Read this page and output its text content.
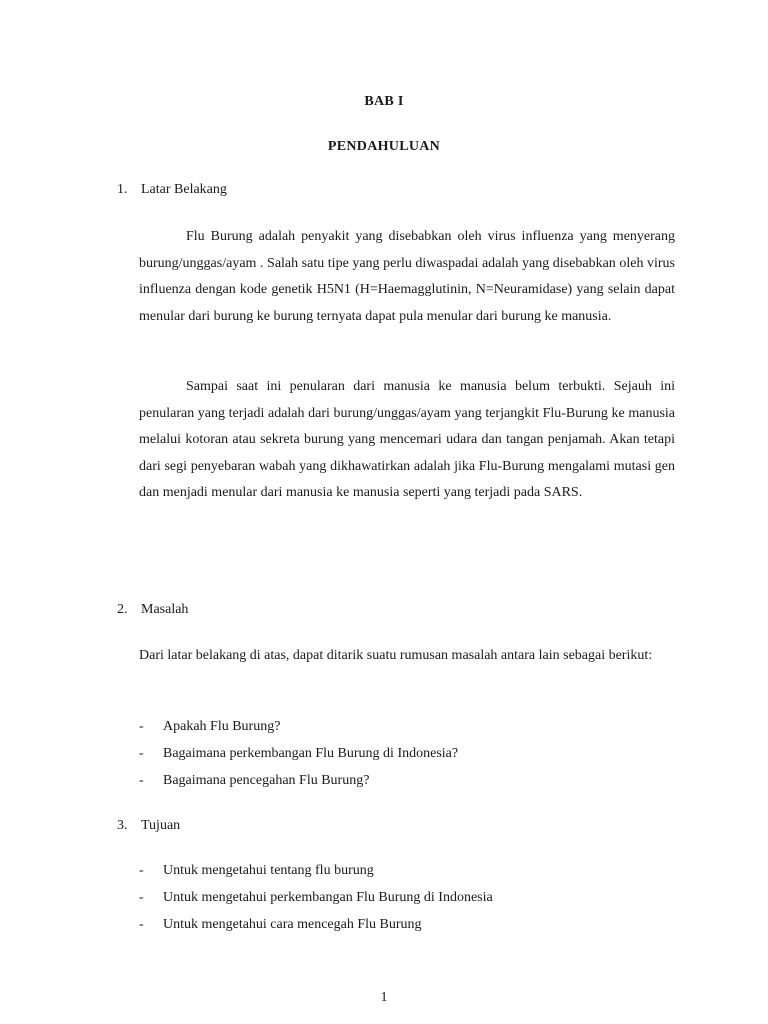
BAB I
PENDAHULUAN
1. Latar Belakang

Flu Burung adalah penyakit yang disebabkan oleh virus influenza yang menyerang burung/unggas/ayam . Salah satu tipe yang perlu diwaspadai adalah yang disebabkan oleh virus influenza dengan kode genetik H5N1 (H=Haemagglutinin, N=Neuramidase) yang selain dapat menular dari burung ke burung ternyata dapat pula menular dari burung ke manusia.

Sampai saat ini penularan dari manusia ke manusia belum terbukti. Sejauh ini penularan yang terjadi adalah dari burung/unggas/ayam yang terjangkit Flu-Burung ke manusia melalui kotoran atau sekreta burung yang mencemari udara dan tangan penjamah. Akan tetapi dari segi penyebaran wabah yang dikhawatirkan adalah jika Flu-Burung mengalami mutasi gen dan menjadi menular dari manusia ke manusia seperti yang terjadi pada SARS.

2. Masalah

Dari latar belakang di atas, dapat ditarik suatu rumusan masalah antara lain sebagai berikut:

- Apakah Flu Burung?
- Bagaimana perkembangan Flu Burung di Indonesia?
- Bagaimana pencegahan Flu Burung?
3. Tujuan
- Untuk mengetahui tentang flu burung
- Untuk mengetahui perkembangan Flu Burung di Indonesia
- Untuk mengetahui cara mencegah Flu Burung
1
